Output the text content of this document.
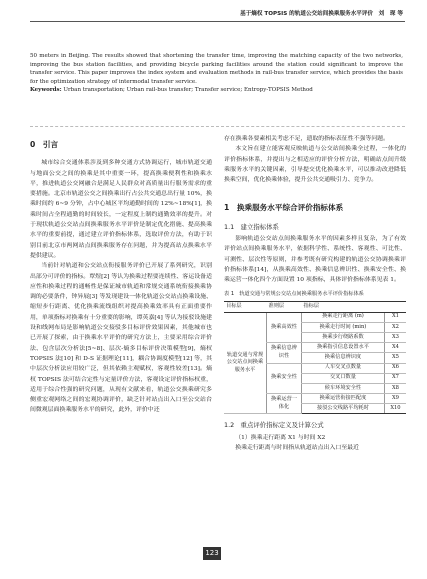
基于熵权 TOPSIS 的轨道公交站间换乘服务水平评价　刘　琛 等
50 meters in Beijing. The results showed that shortening the transfer time, improving the matching capacity of the two networks, improving the bus station facilities, and providing bicycle parking facilities around the station could significant to improve the transfer service. This paper improves the index system and evaluation methods in rail-bus transfer service, which provides the basis for the optimization strategy of intermodal transfer service.
Keywords: Urban transportation; Urban rail-bus transfer; Transfer service; Entropy-TOPSIS Method
0　引言

城市综合交通体系涉及到多种交通方式协调运行，城市轨道交通与地面公交之间的换乘是其中重要一环，提高换乘便利性和换乘水平，推进轨道公交网融合是满足人民群众对高质量出行服务需求的重要措施。北京市轨道公交之间换乘出行占公共交通总出行量 10%，换乘时间约 6~9 分钟，占中心城区平均通勤时间的 12%~18%[1]，换乘时间占全程通勤的时间较长，一定程度上制约通勤效率的提升。对于现状轨道公交站点间换乘服务水平评价是制定优化措施、提高换乘水平的重要前提，通过建立评价指标体系，选取评价方法，有助于识别目前北京市两网站点间换乘服务存在问题，并为提高站点换乘水平提供建议。

当前针对轨道和公交站点衔接服务评价已开展了系列研究，识别出部分可评价的指标。覃煜[2] 等认为换乘过程要连续性、客运设备适应性和换乘过程的通畅性是保证城市轨道和常规交通系统衔接换乘协调的必要条件，钟异展[3] 等发现建设一体化轨道公交站点换乘设施、缩短步行距离、优化换乘流线组织对提高换乘效率具有正面重要作用，单项指标对换乘有十分重要的影响，谭英嘉[4] 等认为接驳设施建设和线网布局是影响轨道公交接驳多目标评价效果因素，其他城市也已开展了探索，由于换乘水平评价的研究方法上，主要采用综合评价法、包含层次分析法[5~8]、层次-熵多目标评价决策模型[9]，熵权 TOPSIS 法[10] 和 D-S 证据理论[11]，耦合协调度模型[12] 等，其中层次分析法应用较广泛，但其依赖主观赋权，客观性较差[13]。熵权 TOPSIS 法可结合定性与定量评价方法，客观设定评价指标权重，适用于综合性强的研究问题，从现有文献来看，轨道公交换乘研究多侧重宏观网络之间的宏观协调评价，缺乏针对站点出入口至公交站台间微观层面换乘服务水平的研究，此外，评价中还

存在换乘各要素相关考虑不足，遗取的指标表征性不强等问题。

本文旨在建立能客观反映轨道与公交站间换乘全过程，一体化的评价指标体系，并提出与之相适应的评价分析方法，明确站点间升级乘服务水平的关键因素，引导提交优化换乘水平，可以推动改进降低换乘空间，优化换乘体验，提升公共交通吸引力、竞争力。

1　换乘服务水平综合评价指标体系
1.1　建立指标体系

影响轨道公交站点间换乘服务水平的因素多样且复杂，为了有效评价站点间换乘服务水平，依据科学性、系统性、客观性、可比性、可测性、层次性等原则，并参考既有研究构建的轨道公交协调换乘评价指标体系[14]，从换乘高效性、换乘信息辨识性、换乘安全性、换乘运营一体化四个方面设置 10 项指标，具体评价指标体系见表 1。

表 1　轨道交通与常规公交站点间换乘服务水平评价指标体系
目标层	准则层	指标层	
轨道交通与常规公交站点间换乘服务水平	换乘高效性	换乘走行距离 (m)	X1
		换乘走行时间 (min)	X2
		换乘步行绕路系数	X3
	换乘信息辨识性	换乘指引信息设置水平	X4
		换乘信息辨识度	X5
	换乘安全性	人车交叉点数量	X6
		交叉口数量	X7
		候车环境安全性	X8
	换乘运营一体化	换乘运营衔接匹配度	X9
		接驳公交线路平均耗时	X10
1.2　重点评价指标定义及计算公式

（1）换乘走行距离 X1 与时间 X2

换乘走行距离与时间指从轨道站点出入口至最近

123
